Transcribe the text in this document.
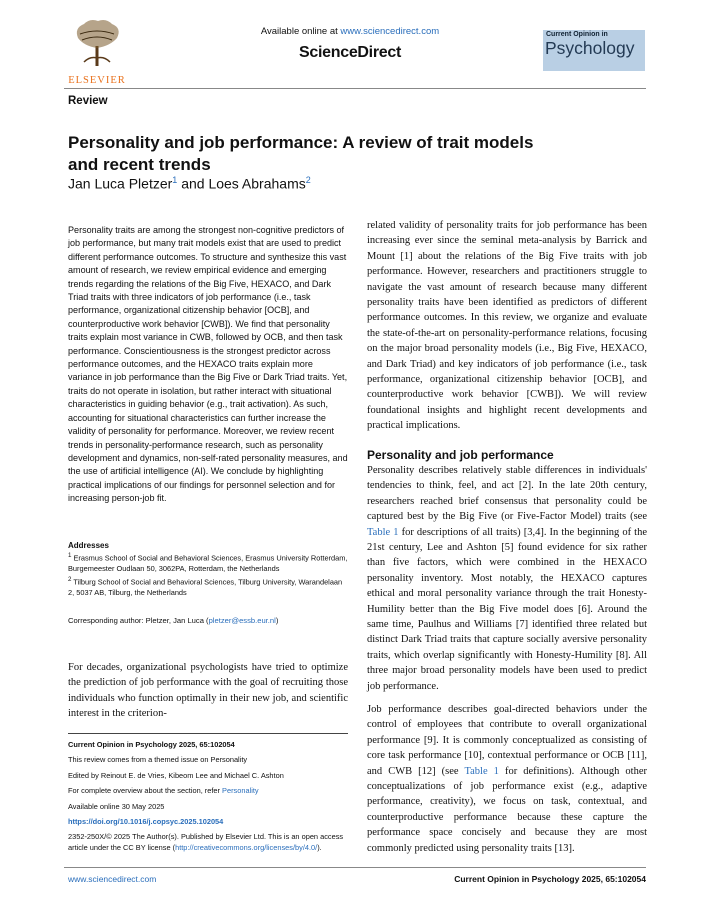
ELSEVIER
Available online at www.sciencedirect.com
ScienceDirect
Current Opinion in
Psychology
Review
Personality and job performance: A review of trait models and recent trends
Jan Luca Pletzer$^1$ and Loes Abrahams$^2$
Personality traits are among the strongest non-cognitive predictors of job performance, but many trait models exist that are used to predict different performance outcomes. To structure and synthesize this vast amount of research, we review empirical evidence and emerging trends regarding the relations of the Big Five, HEXACO, and Dark Triad traits with three indicators of job performance (i.e., task performance, organizational citizenship behavior [OCB], and counterproductive work behavior [CWB]). We find that personality traits explain most variance in CWB, followed by OCB, and then task performance. Conscientiousness is the strongest predictor across performance outcomes, and the HEXACO traits explain more variance in job performance than the Big Five or Dark Triad traits. Yet, traits do not operate in isolation, but rather interact with situational characteristics in guiding behavior (e.g., trait activation). As such, accounting for situational characteristics can further increase the validity of personality for performance. Moreover, we review recent trends in personality-performance research, such as personality development and dynamics, non-self-rated personality measures, and the use of artificial intelligence (AI). We conclude by highlighting practical implications of our findings for personnel selection and for increasing person-job fit.
Addresses
$^1$ Erasmus School of Social and Behavioral Sciences, Erasmus University Rotterdam, Burgemeester Oudlaan 50, 3062PA, Rotterdam, the Netherlands
$^2$ Tilburg School of Social and Behavioral Sciences, Tilburg University, Warandelaan 2, 5037 AB, Tilburg, the Netherlands
Corresponding author: Pletzer, Jan Luca (pletzer@essb.eur.nl)
For decades, organizational psychologists have tried to optimize the prediction of job performance with the goal of recruiting those individuals who function optimally in their new job, and scientific interest in the criterion-

Current Opinion in Psychology 2025, 65:102054

This review comes from a themed issue on Personality

Edited by Reinout E. de Vries, Kibeom Lee and Michael C. Ashton

For complete overview about the section, refer Personality

Available online 30 May 2025

https://doi.org/10.1016/j.copsyc.2025.102054

2352-250X/© 2025 The Author(s). Published by Elsevier Ltd. This is an open access article under the CC BY license (http://creativecommons.org/licenses/by/4.0/).

related validity of personality traits for job performance has been increasing ever since the seminal meta-analysis by Barrick and Mount [1] about the relations of the Big Five traits with job performance. However, researchers and practitioners struggle to navigate the vast amount of research because many different personality traits have been identified as predictors of different performance outcomes. In this review, we organize and evaluate the state-of-the-art on personality-performance relations, focusing on the major broad personality models (i.e., Big Five, HEXACO, and Dark Triad) and key indicators of job performance (i.e., task performance, organizational citizenship behavior [OCB], and counterproductive work behavior [CWB]). We will review foundational insights and highlight recent developments and practical implications.
Personality and job performance
Personality describes relatively stable differences in individuals' tendencies to think, feel, and act [2]. In the late 20th century, researchers reached brief consensus that personality could be captured best by the Big Five (or Five-Factor Model) traits (see Table 1 for descriptions of all traits) [3,4]. In the beginning of the 21st century, Lee and Ashton [5] found evidence for six rather than five factors, which were combined in the HEXACO personality inventory. Most notably, the HEXACO captures ethical and moral personality variance through the trait Honesty-Humility better than the Big Five model does [6]. Around the same time, Paulhus and Williams [7] identified three related but distinct Dark Triad traits that capture socially aversive personality traits, which overlap significantly with Honesty-Humility [8]. All three major broad personality models have been used to predict job performance.
Job performance describes goal-directed behaviors under the control of employees that contribute to overall organizational performance [9]. It is commonly conceptualized as consisting of core task performance [10], contextual performance or OCB [11], and CWB [12] (see Table 1 for definitions). Although other conceptualizations of job performance exist (e.g., adaptive performance, creativity), we focus on task, contextual, and counterproductive performance because these capture the performance space concisely and because they are most commonly predicted using personality traits [13].
www.sciencedirect.com	Current Opinion in Psychology 2025, 65:102054
